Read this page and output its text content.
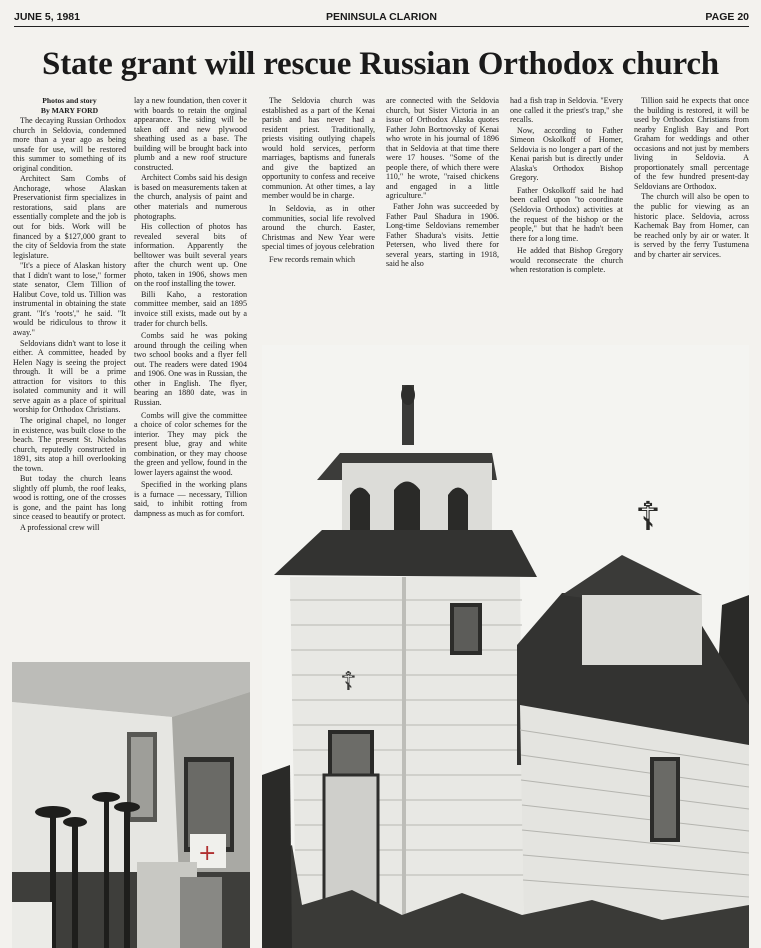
JUNE 5, 1981	PENINSULA CLARION	PAGE 20
State grant will rescue Russian Orthodox church
Photos and story
By MARY FORD

The decaying Russian Orthodox church in Seldovia, condemned more than a year ago as being unsafe for use, will be restored this summer to something of its original condition.

Architect Sam Combs of Anchorage, whose Alaskan Preservationist firm specializes in restorations, said plans are essentially complete and the job is out for bids. Work will be financed by a $127,000 grant to the city of Seldovia from the state legislature.

"It's a piece of Alaskan history that I didn't want to lose," former state senator, Clem Tillion of Halibut Cove, told us. Tillion was instrumental in obtaining the state grant. "It's 'roots'," he said. "It would be ridiculous to throw it away."

Seldovians didn't want to lose it either. A committee, headed by Helen Nagy is seeing the project through. It will be a prime attraction for visitors to this isolated community and it will serve again as a place of spiritual worship for Orthodox Christians.

The original chapel, no longer in existence, was built close to the beach. The present St. Nicholas church, reputedly constructed in 1891, sits atop a hill overlooking the town.

But today the church leans slightly off plumb, the roof leaks, wood is rotting, one of the crosses is gone, and the paint has long since ceased to beautify or protect.

A professional crew will

lay a new foundation, then cover it with boards to retain the orginal appearance. The siding will be taken off and new plywood sheathing used as a base. The building will be brought back into plumb and a new roof structure constructed.

Architect Combs said his design is based on measurements taken at the church, analysis of paint and other materials and numerous photographs.

His collection of photos has revealed several bits of information. Apparently the belltower was built several years after the church went up. One photo, taken in 1906, shows men on the roof installing the tower.

Billi Kaho, a restoration committee member, said an 1895 invoice still exists, made out by a trader for church bells.

Combs said he was poking around through the ceiling when two school books and a flyer fell out. The readers were dated 1904 and 1906. One was in Russian, the other in English. The flyer, bearing an 1880 date, was in Russian.

Combs will give the committee a choice of color schemes for the interior. They may pick the present blue, gray and white combination, or they may choose the green and yellow, found in the lower layers against the wood.

Specified in the working plans is a furnace — necessary, Tillion said, to inhibit rotting from dampness as much as for comfort.

The Seldovia church was established as a part of the Kenai parish and has never had a resident priest. Traditionally, priests visiting outlying chapels would hold services, perform marriages, baptisms and funerals and give the baptized an opportunity to confess and receive communion. At other times, a lay member would be in charge.

In Seldovia, as in other communities, social life revolved around the church. Easter, Christmas and New Year were special times of joyous celebration

Few records remain which

are connected with the Seldovia church, but Sister Victoria in an issue of Orthodox Alaska quotes Father John Bortnovsky of Kenai who wrote in his journal of 1896 that in Seldovia at that time there were 17 houses. "Some of the people there, of which there were 110," he wrote, "raised chickens and engaged in a little agriculture."

Father John was succeeded by Father Paul Shadura in 1906. Long-time Seldovians remember Father Shadura's visits. Jettie Petersen, who lived there for several years, starting in 1918, said he also

had a fish trap in Seldovia. "Every one called it the priest's trap," she recalls.

Now, according to Father Simeon Oskolkoff of Homer, Seldovia is no longer a part of the Kenai parish but is directly under Alaska's Orthodox Bishop Gregory.

Father Oskolkoff said he had been called upon "to coordinate (Seldovia Orthodox) activities at the request of the bishop or the people," but that he hadn't been there for a long time.

He added that Bishop Gregory would reconsecrate the church when restoration is complete.

Tillion said he expects that once the building is restored, it will be used by Orthodox Christians from nearby English Bay and Port Graham for weddings and other occasions and not just by members living in Seldovia. A proportionately small percentage of the few hundred present-day Seldovians are Orthodox.

The church will also be open to the public for viewing as an historic place. Seldovia, across Kachemak Bay from Homer, can be reached only by air or water. It is served by the ferry Tustumena and by charter air services.

+
☦
☦
